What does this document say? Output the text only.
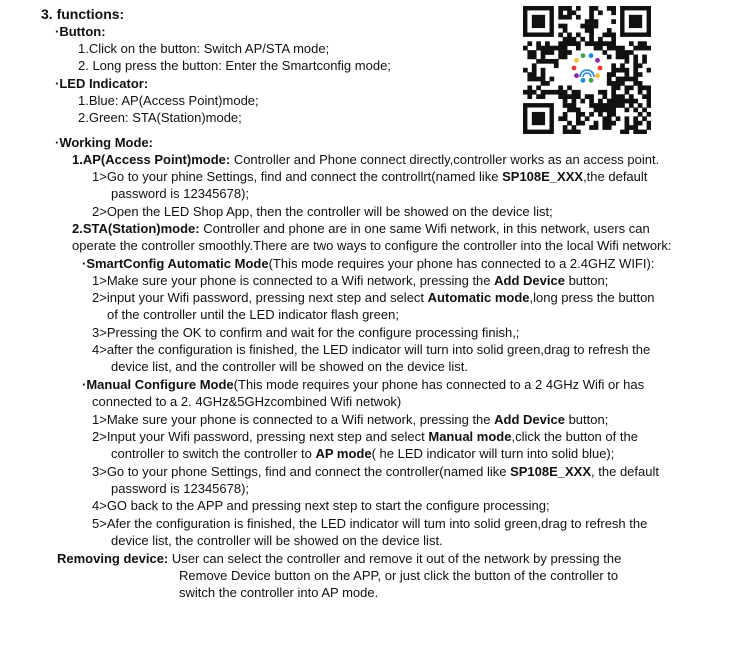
3. functions:
·Button:
1.Click on the button: Switch AP/STA mode;
2. Long press the button: Enter the Smartconfig mode;
·LED Indicator:
1.Blue: AP(Access Point)mode;
2.Green: STA(Station)mode;
·Working Mode:
1.AP(Access Point)mode: Controller and Phone connect directly,controller works as an access point.
1>Go to your phine Settings, find and connect the controllrt(named like SP108E_XXX,the default
password is 12345678);
2>Open the LED Shop App, then the controller will be showed on the device list;
2.STA(Station)mode: Controller and phone are in one same Wifi network, in this network, users can
operate the controller smoothly.There are two ways to configure the controller into the local Wifi network:
·SmartConfig Automatic Mode(This mode requires your phone has connected to a 2.4GHZ WIFI):
1>Make sure your phone is connected to a Wifi network, pressing the Add Device button;
2>input your Wifi password, pressing next step and select Automatic mode,long press the button
of the controller until the LED indicator flash green;
3>Pressing the OK to confirm and wait for the configure processing finish,;
4>after the configuration is finished, the LED indicator will turn into solid green,drag to refresh the
device list, and the controller will be showed on the device list.
·Manual Configure Mode(This mode requires your phone has connected to a 2 4GHz Wifi or has
connected to a 2. 4GHz&5GHzcombined Wifi netwok)
1>Make sure your phone is connected to a Wifi network, pressing the Add Device button;
2>Input your Wifi password, pressing next step and select Manual mode,click the button of the
controller to switch the controller to AP mode( he LED indicator will turn into solid blue);
3>Go to your phone Settings, find and connect the controller(named like SP108E_XXX, the default
password is 12345678);
4>GO back to the APP and pressing next step to start the configure processing;
5>Afer the configuration is finished, the LED indicator will tum into solid green,drag to refresh the
device list, the controller will be showed on the device list.
Removing device: User can select the controller and remove it out of the network by pressing the
Remove Device button on the APP, or just click the button of the controller to
switch the controller into AP mode.
